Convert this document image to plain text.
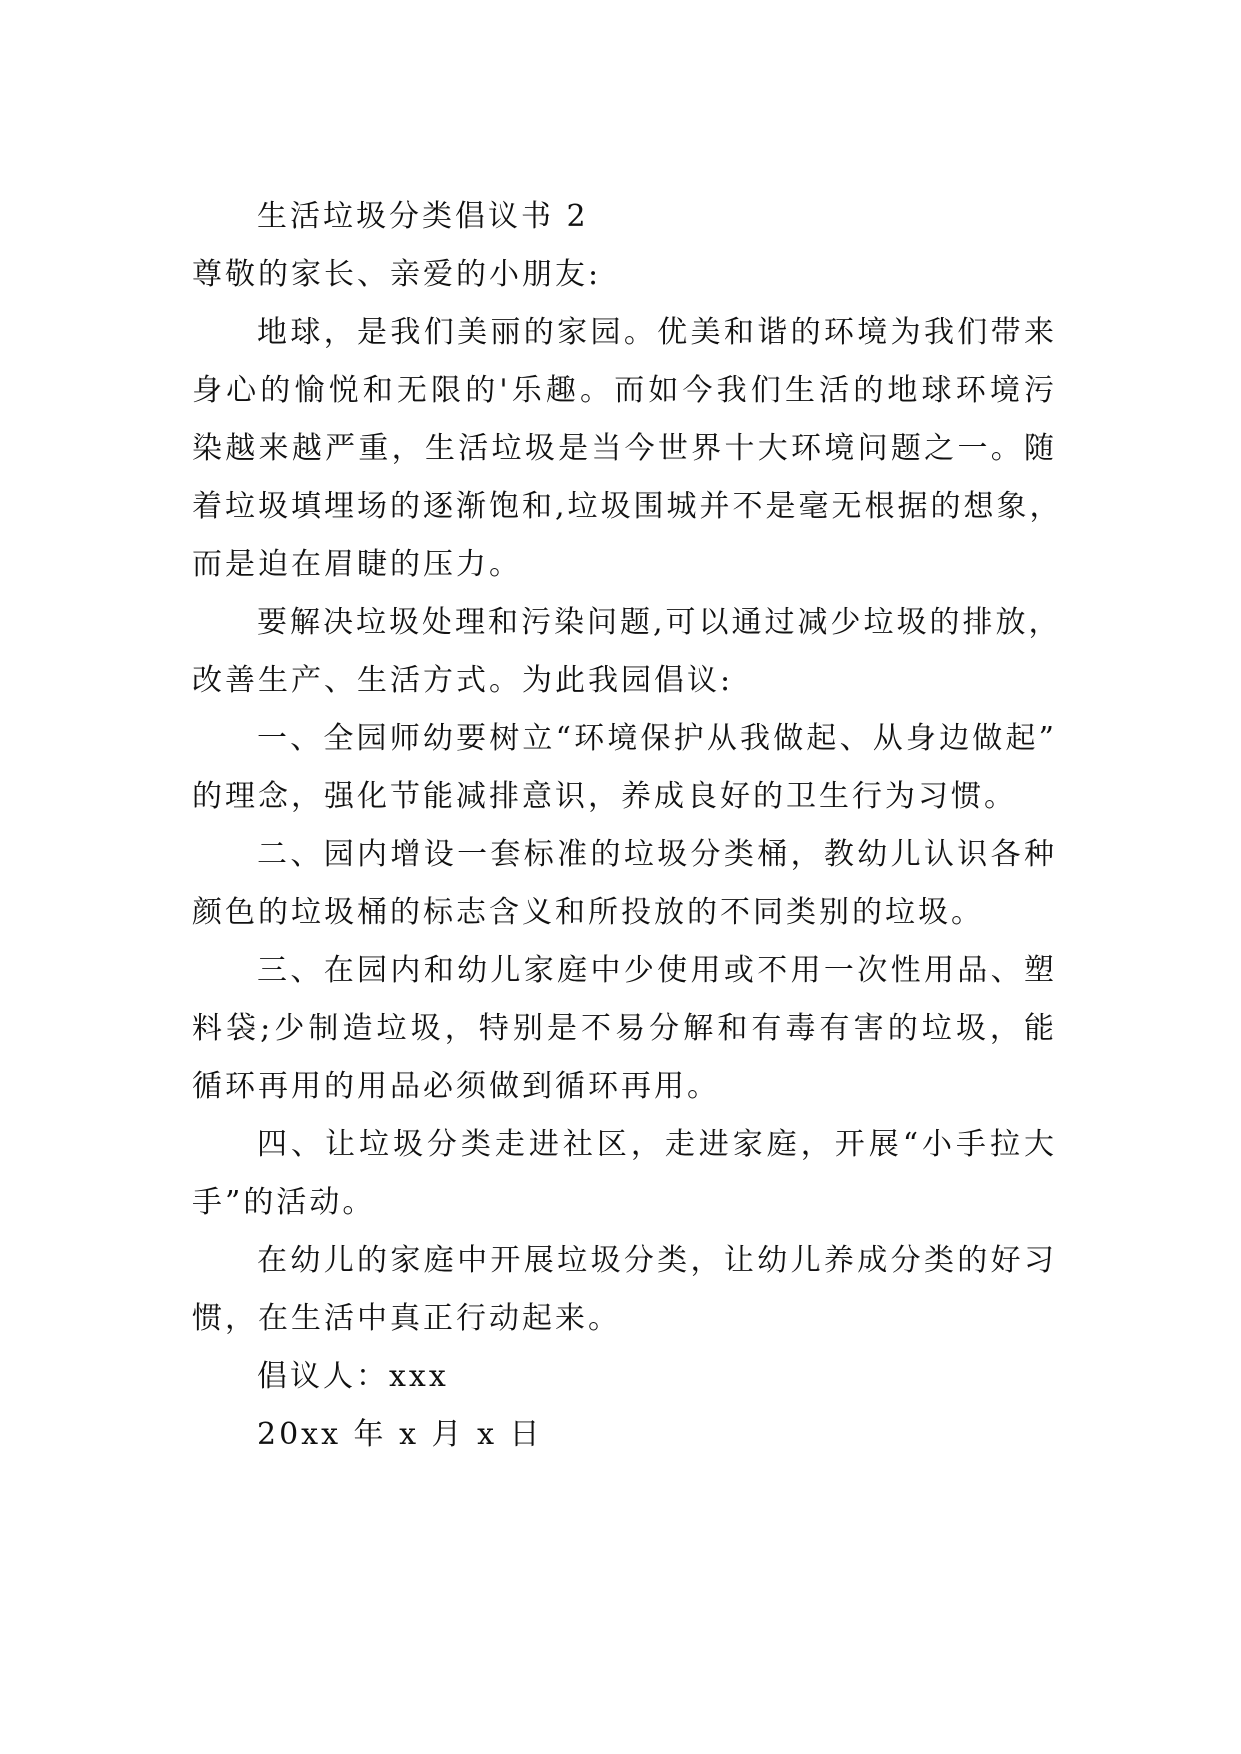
生活垃圾分类倡议书 2
尊敬的家长、亲爱的小朋友:
地球，是我们美丽的家园。优美和谐的环境为我们带来
身心的愉悦和无限的'乐趣。而如今我们生活的地球环境污
染越来越严重，生活垃圾是当今世界十大环境问题之一。随
着垃圾填埋场的逐渐饱和,垃圾围城并不是毫无根据的想象，
而是迫在眉睫的压力。
要解决垃圾处理和污染问题,可以通过减少垃圾的排放，
改善生产、生活方式。为此我园倡议:
一、全园师幼要树立“环境保护从我做起、从身边做起”
的理念，强化节能减排意识，养成良好的卫生行为习惯。
二、园内增设一套标准的垃圾分类桶，教幼儿认识各种
颜色的垃圾桶的标志含义和所投放的不同类别的垃圾。
三、在园内和幼儿家庭中少使用或不用一次性用品、塑
料袋;少制造垃圾，特别是不易分解和有毒有害的垃圾，能
循环再用的用品必须做到循环再用。
四、让垃圾分类走进社区，走进家庭，开展“小手拉大
手”的活动。
在幼儿的家庭中开展垃圾分类，让幼儿养成分类的好习
惯，在生活中真正行动起来。
倡议人：xxx
20xx 年 x 月 x 日
